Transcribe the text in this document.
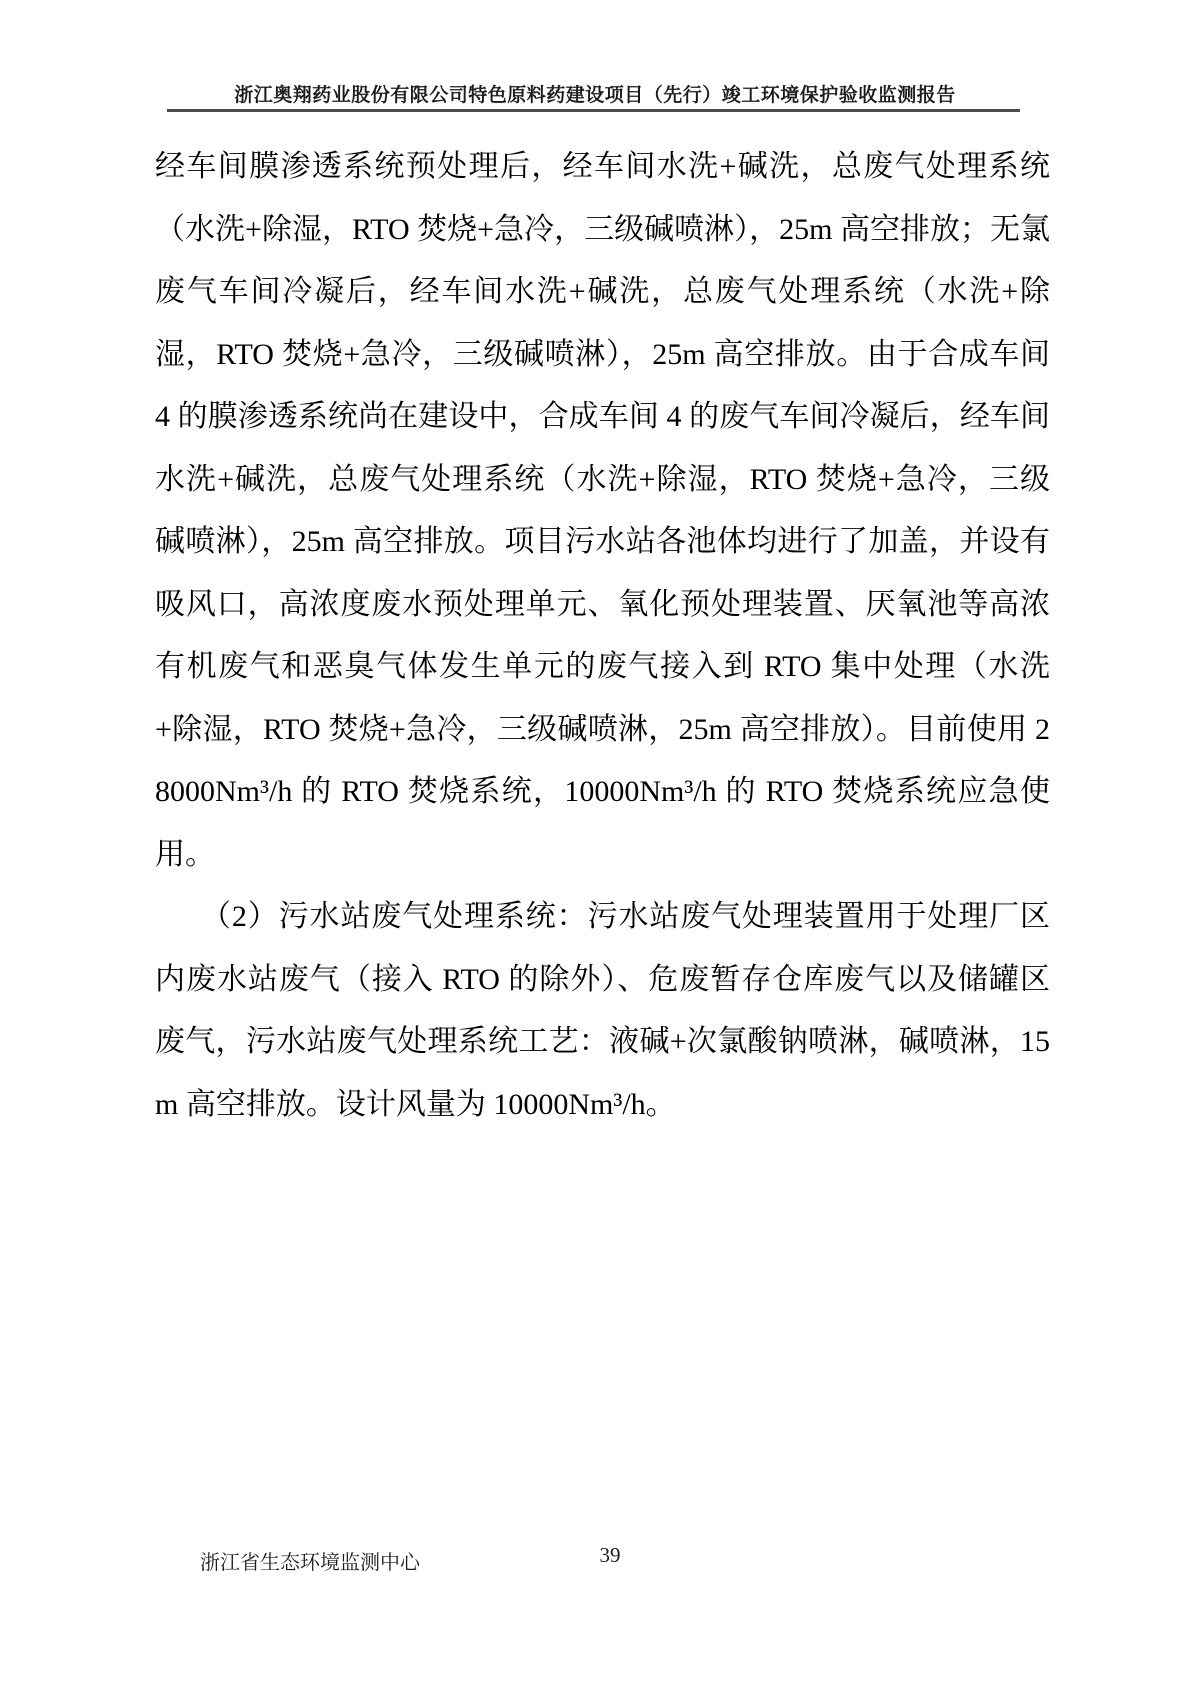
浙江奥翔药业股份有限公司特色原料药建设项目（先行）竣工环境保护验收监测报告

经车间膜渗透系统预处理后，经车间水洗+碱洗，总废气处理系统（水洗+除湿，RTO 焚烧+急冷，三级碱喷淋），25m 高空排放；无氯废气车间冷凝后，经车间水洗+碱洗，总废气处理系统（水洗+除湿，RTO 焚烧+急冷，三级碱喷淋），25m 高空排放。由于合成车间 4 的膜渗透系统尚在建设中，合成车间 4 的废气车间冷凝后，经车间水洗+碱洗，总废气处理系统（水洗+除湿，RTO 焚烧+急冷，三级碱喷淋），25m 高空排放。项目污水站各池体均进行了加盖，并设有吸风口，高浓度废水预处理单元、氧化预处理装置、厌氧池等高浓有机废气和恶臭气体发生单元的废气接入到 RTO 集中处理（水洗+除湿，RTO 焚烧+急冷，三级碱喷淋，25m 高空排放）。目前使用 28000Nm³/h 的 RTO 焚烧系统，10000Nm³/h 的 RTO 焚烧系统应急使用。

（2）污水站废气处理系统：污水站废气处理装置用于处理厂区内废水站废气（接入 RTO 的除外）、危废暂存仓库废气以及储罐区废气，污水站废气处理系统工艺：液碱+次氯酸钠喷淋，碱喷淋，15m 高空排放。设计风量为 10000Nm³/h。

浙江省生态环境监测中心	39
